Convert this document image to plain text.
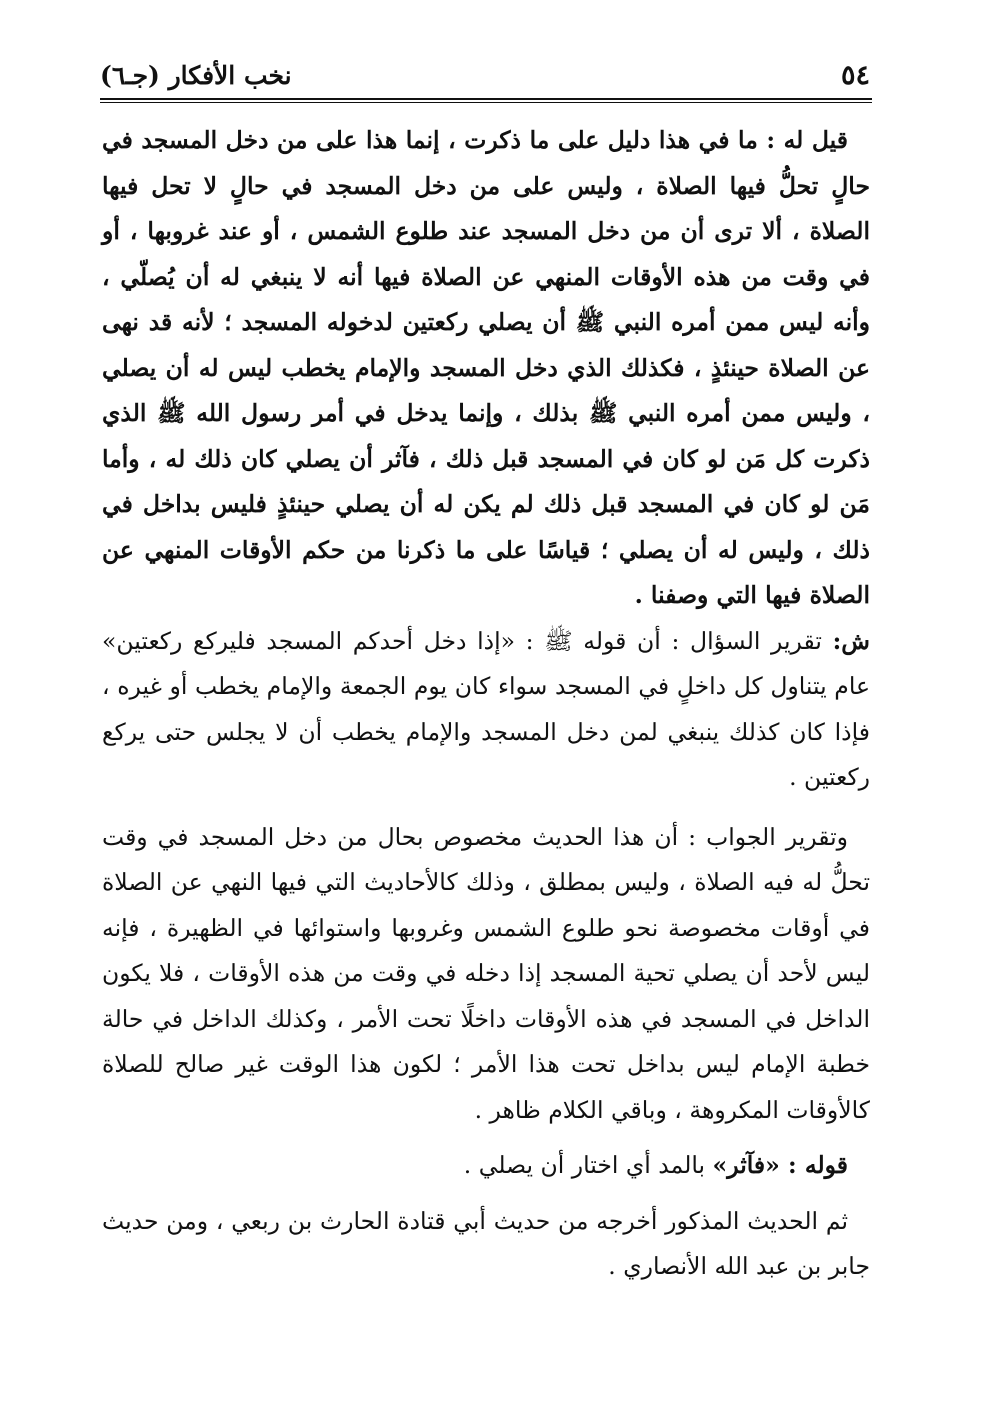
٥٤
نخب الأفكار (جـ٦)

قيل له : ما في هذا دليل على ما ذكرت ، إنما هذا على من دخل المسجد في حالٍ تحلُّ فيها الصلاة ، وليس على من دخل المسجد في حالٍ لا تحل فيها الصلاة ، ألا ترى أن من دخل المسجد عند طلوع الشمس ، أو عند غروبها ، أو في وقت من هذه الأوقات المنهي عن الصلاة فيها أنه لا ينبغي له أن يُصلّي ، وأنه ليس ممن أمره النبي ﷺ أن يصلي ركعتين لدخوله المسجد ؛ لأنه قد نهى عن الصلاة حينئذٍ ، فكذلك الذي دخل المسجد والإمام يخطب ليس له أن يصلي ، وليس ممن أمره النبي ﷺ بذلك ، وإنما يدخل في أمر رسول الله ﷺ الذي ذكرت كل مَن لو كان في المسجد قبل ذلك ، فآثر أن يصلي كان ذلك له ، وأما مَن لو كان في المسجد قبل ذلك لم يكن له أن يصلي حينئذٍ فليس بداخل في ذلك ، وليس له أن يصلي ؛ قياسًا على ما ذكرنا من حكم الأوقات المنهي عن الصلاة فيها التي وصفنا .

ش: تقرير السؤال : أن قوله ﷺ : «إذا دخل أحدكم المسجد فليركع ركعتين» عام يتناول كل داخلٍ في المسجد سواء كان يوم الجمعة والإمام يخطب أو غيره ، فإذا كان كذلك ينبغي لمن دخل المسجد والإمام يخطب أن لا يجلس حتى يركع ركعتين .

وتقرير الجواب : أن هذا الحديث مخصوص بحال من دخل المسجد في وقت تحلُّ له فيه الصلاة ، وليس بمطلق ، وذلك كالأحاديث التي فيها النهي عن الصلاة في أوقات مخصوصة نحو طلوع الشمس وغروبها واستوائها في الظهيرة ، فإنه ليس لأحد أن يصلي تحية المسجد إذا دخله في وقت من هذه الأوقات ، فلا يكون الداخل في المسجد في هذه الأوقات داخلًا تحت الأمر ، وكذلك الداخل في حالة خطبة الإمام ليس بداخل تحت هذا الأمر ؛ لكون هذا الوقت غير صالح للصلاة كالأوقات المكروهة ، وباقي الكلام ظاهر .

قوله : «فآثر» بالمد أي اختار أن يصلي .

ثم الحديث المذكور أخرجه من حديث أبي قتادة الحارث بن ربعي ، ومن حديث جابر بن عبد الله الأنصاري .
